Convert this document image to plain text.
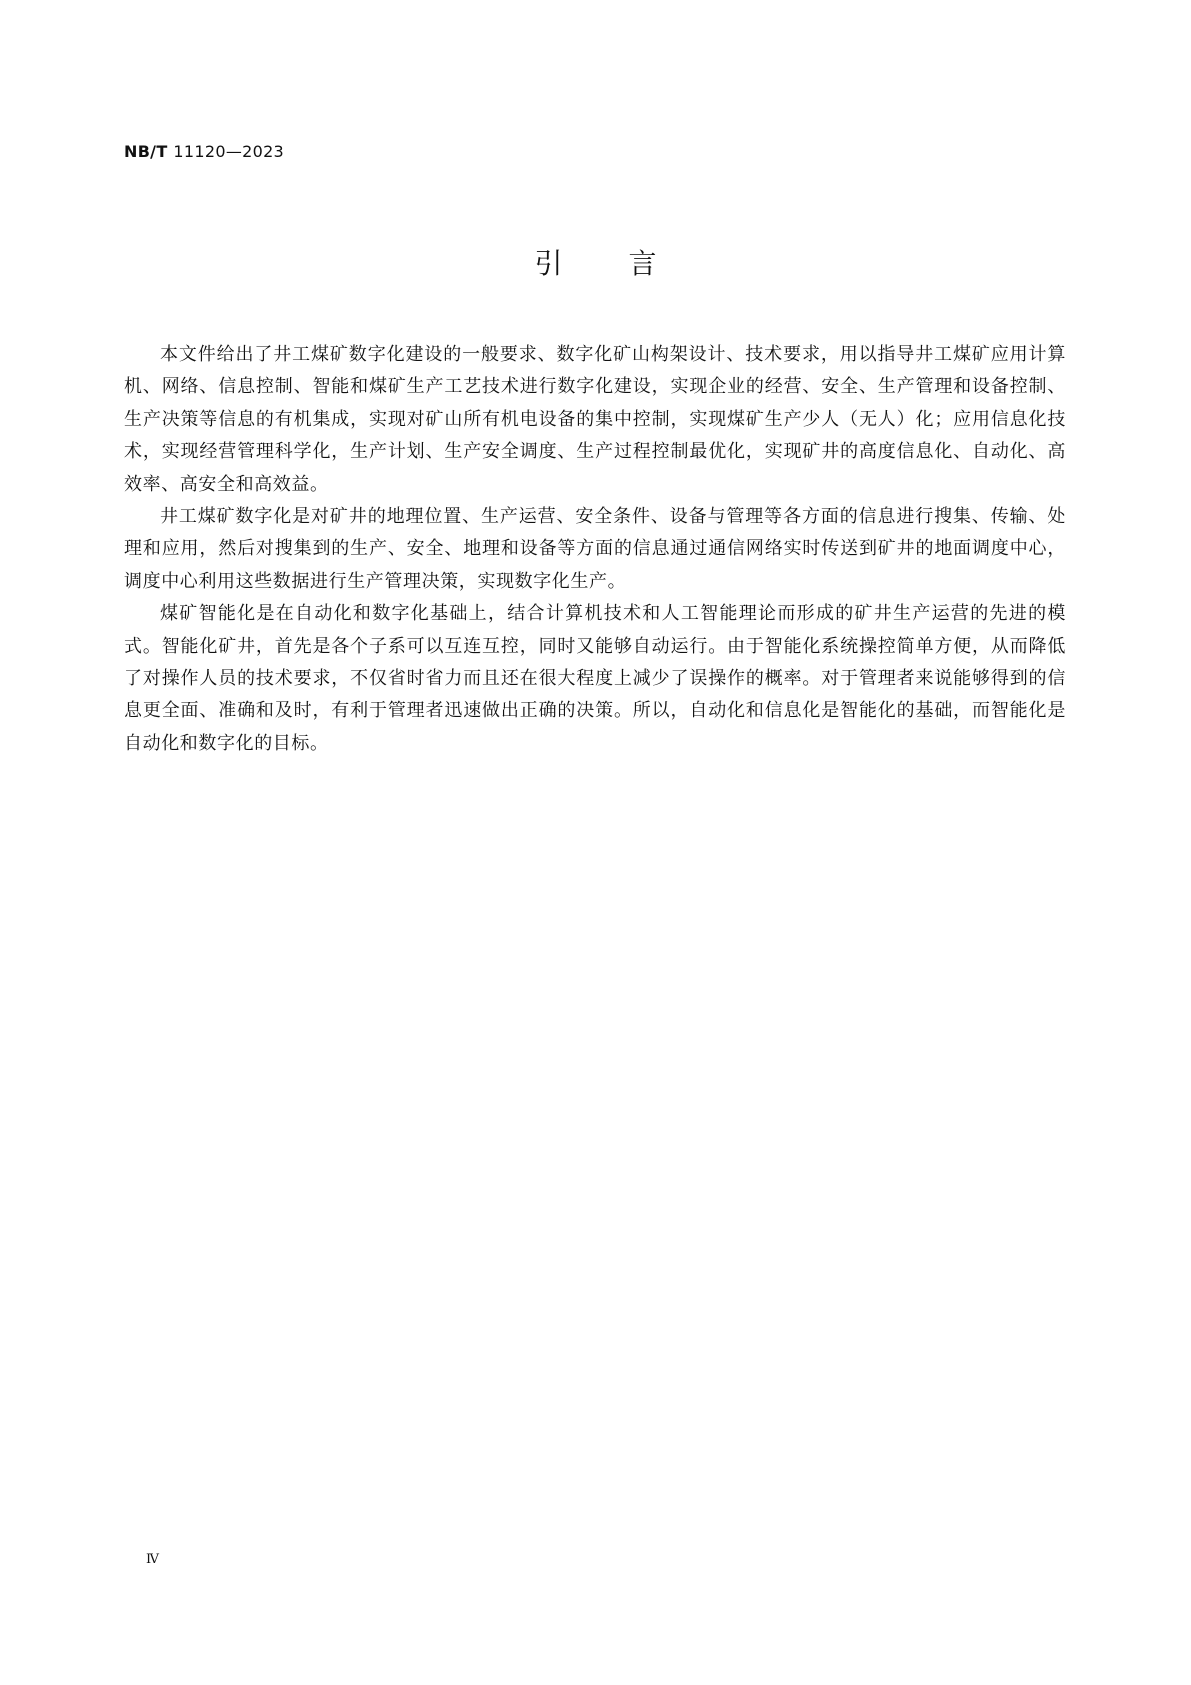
NB/T 11120—2023
引言

本文件给出了井工煤矿数字化建设的一般要求、数字化矿山构架设计、技术要求，用以指导井工煤矿应用计算机、网络、信息控制、智能和煤矿生产工艺技术进行数字化建设，实现企业的经营、安全、生产管理和设备控制、生产决策等信息的有机集成，实现对矿山所有机电设备的集中控制，实现煤矿生产少人（无人）化；应用信息化技术，实现经营管理科学化，生产计划、生产安全调度、生产过程控制最优化，实现矿井的高度信息化、自动化、高效率、高安全和高效益。

井工煤矿数字化是对矿井的地理位置、生产运营、安全条件、设备与管理等各方面的信息进行搜集、传输、处理和应用，然后对搜集到的生产、安全、地理和设备等方面的信息通过通信网络实时传送到矿井的地面调度中心，调度中心利用这些数据进行生产管理决策，实现数字化生产。

煤矿智能化是在自动化和数字化基础上，结合计算机技术和人工智能理论而形成的矿井生产运营的先进的模式。智能化矿井，首先是各个子系可以互连互控，同时又能够自动运行。由于智能化系统操控简单方便，从而降低了对操作人员的技术要求，不仅省时省力而且还在很大程度上减少了误操作的概率。对于管理者来说能够得到的信息更全面、准确和及时，有利于管理者迅速做出正确的决策。所以，自动化和信息化是智能化的基础，而智能化是自动化和数字化的目标。

Ⅳ
